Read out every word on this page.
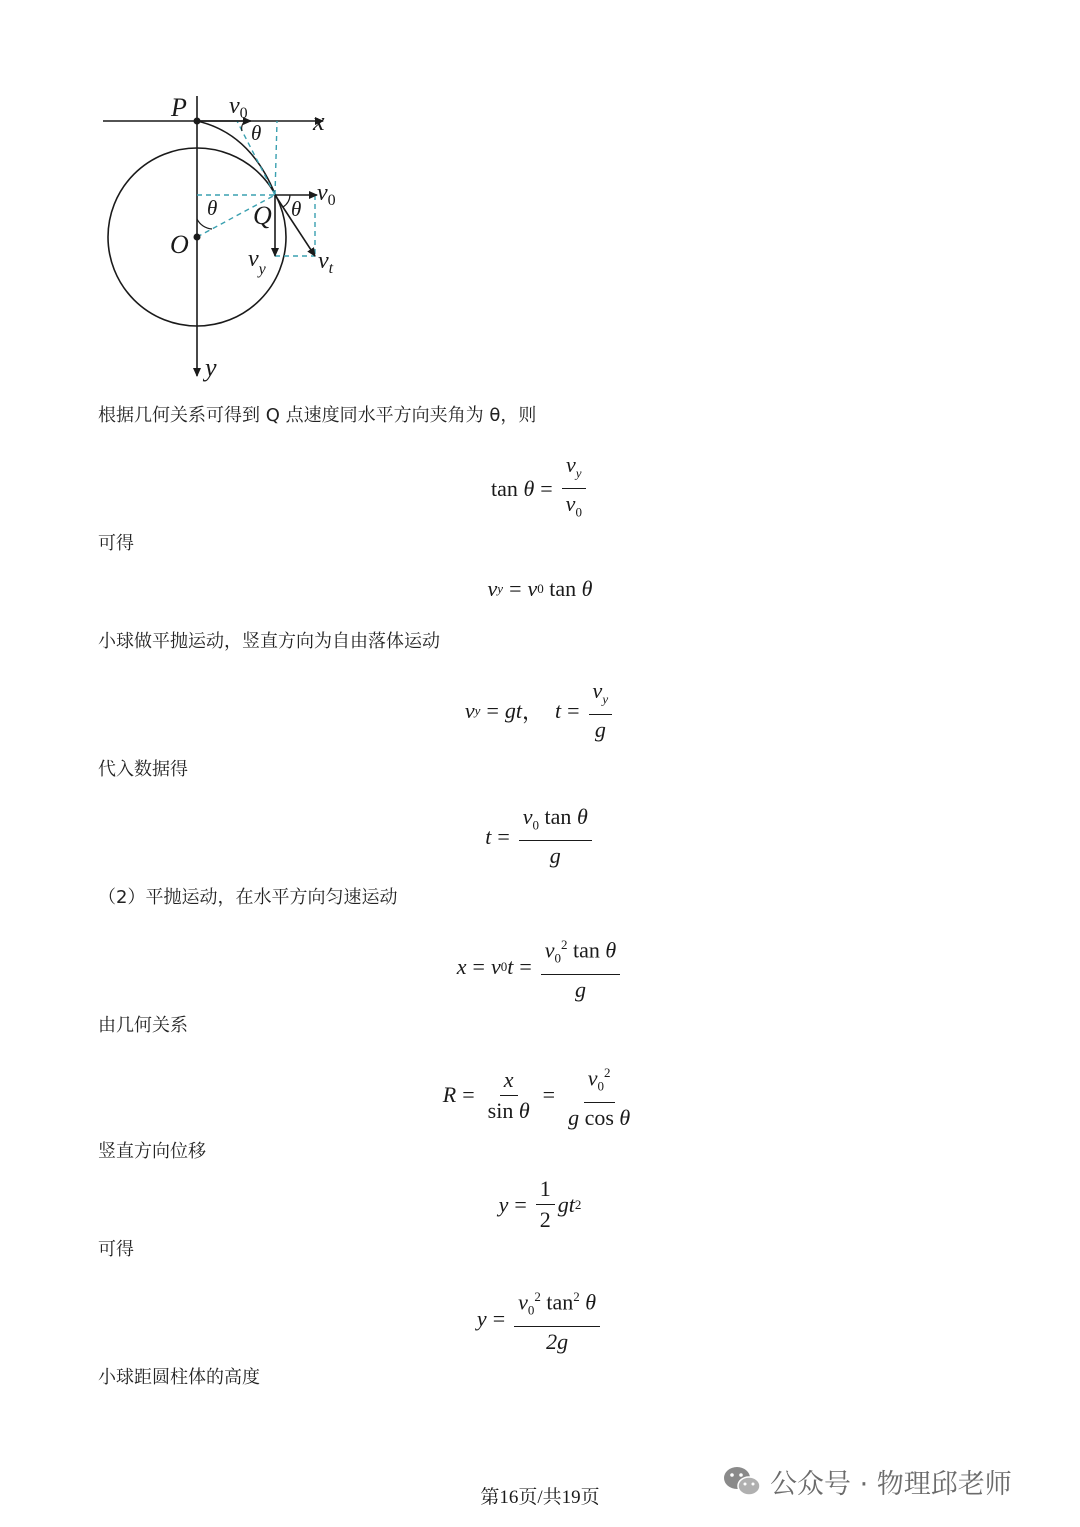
P
O
Q
x
y
$v_0$
$v_0$
$v_y$ $v_t$
θ
θ	θ
根据几何关系可得到 Q 点速度同水平方向夹角为 θ，则
tan
$\theta = \frac{v_y}{v_0}$
可得
v y = v 0
tan
θ
小球做平抛运动，竖直方向为自由落体运动
v y = gt ，
$t = \frac{v_y}{g}$
代入数据得
$t = \frac{v_0 \tan \theta}{g}$
（2）平抛运动，在水平方向匀速运动
x = v 0 $t = \frac{v_0^2 \tan \theta}{g}$
由几何关系
$R = \frac{x}{\text{sin θ}} = \frac{v_0^2}{\text{g cos θ}}$
竖直方向位移
$y = \frac{1}{2}$ gt 2
可得
$y = \frac{v_0^2 \tan^2 \theta}{2g}$
小球距圆柱体的高度
第16页/共19页	公众号 · 物理邱老师
